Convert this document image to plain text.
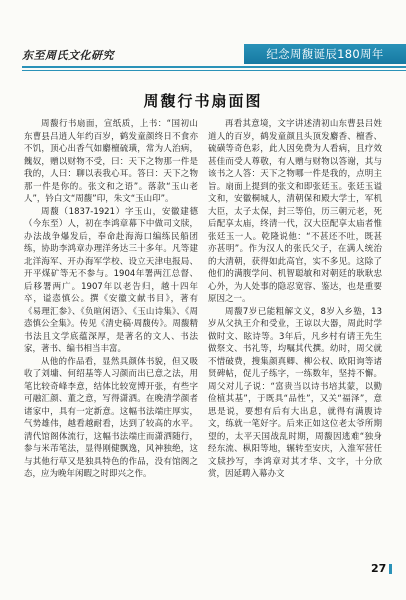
东至周氏文化研究	纪念周馥诞辰180周年
周馥行书扇面图

周馥行书扇面，宣纸质，上书：“国初山东曹县吕逍人年约百岁，鹤发童颜终日不食亦不饥，顶心出香气如麝檀硫璜，常为人治病，餽奴，赠以财物不受，曰：天下之物那一件是我的，人曰：聊以表我心耳。答曰：天下之物那一件是你的。张文和之语”。落款“玉山老人”，钤白文“周馥”印，朱文“玉山印”。

周馥（1837-1921）字玉山，安徽建德（今东至）人，初在李鸿章幕下中做司文牍，办法战争爆发后，奉命赴海海口编练民船团练，协助李鸿章办理洋务达三十多年。凡等建北洋海军、开办海军学校、设立天津电报局、开平煤矿等无不参与。1904年署两江总督、后移署两广。1907年以老告归，越十四年卒，谥悫慎公。撰《安徽文献书目》，著有《易理汇参》、《负暄闲语》、《玉山诗集》、《周悫慎公全集》。传见《清史稿·周馥传》。周馥精书法且文学底蕴深厚，是著名的文人、书法家，著书、编书相当丰富。

从他的作品看，显然具颜体书貌，但又吸收了刘墉、何绍基等人习颜而出已意之法，用笔比较奇峰李意，结体比较宽博开张，有些字可融汇颜、董之意，写得潇洒。在晚清学颜者诸家中，具有一定新意。这幅书法端庄厚实，气势雄伟，越看越耐看，达到了较高的水平。清代馆阁体流行，这幅书法端庄而潇洒随行，参与米芾笔法，显得刚健飘逸，风神独绝，这与其他行草又是独具特色的作品，没有馆阁之态，应为晚年闲暇之时即兴之作。

再看其意境，文字讲述清初山东曹县吕姓道人的百岁，鹤发童颜且头顶发麝香、檀香、硫磺等奇色彩，此人因免费为人看病，且疗效甚佳而受人尊敬，有人赠与财物以答谢，其与该书之人答：天下之物哪一件是我的，点明主旨。扇面上提到的张文和即张廷玉。张廷玉谥文和，安徽桐城人，清朝保和殿大学士，军机大臣，太子太保，封三等伯，历三朝元老，死后配享太庙，终清一代，汉大臣配享太庙者惟张廷玉一人。乾隆说他：“不甚还不吐，既甚亦甚明”。作为汉人的张氏父子，在满人统治的大清朝，获得如此高官，实不多见。这除了他们的满腹学问、机智聪敏和对朝廷的耿耿忠心外，为人处事的隐忍宽容、鉴达，也是重要原因之一。

周馥7岁已能粗解文义，8岁入乡塾，13岁从父执王介和受业，王谅以大器，周此时学做时文、眩诗等。3年后，凡乡村有请王先生做祭文、书礼等，均嘱其代撰。幼时，周父就不惜破费，搜集颜真卿、柳公权、欧阳询等诸贤碑帖，促儿子练字，一练数年，坚持不懈。周父对儿子说：“富贵当以诗书培其蒙，以勤俭植其基”，于既具“品性”，又关“福泽”，意思是说，要想有后有大出息，就得有满腹诗文，练就一笔好字。后来正如这位老太爷所期望的，太平天国战乱时期，周馥因逃难“独身经东流、枞阳等地，辗转至安庆，入淮军营任文牍抄写，李鸿章对其才华、文字，十分欣赏，因延聘入幕办文

27
